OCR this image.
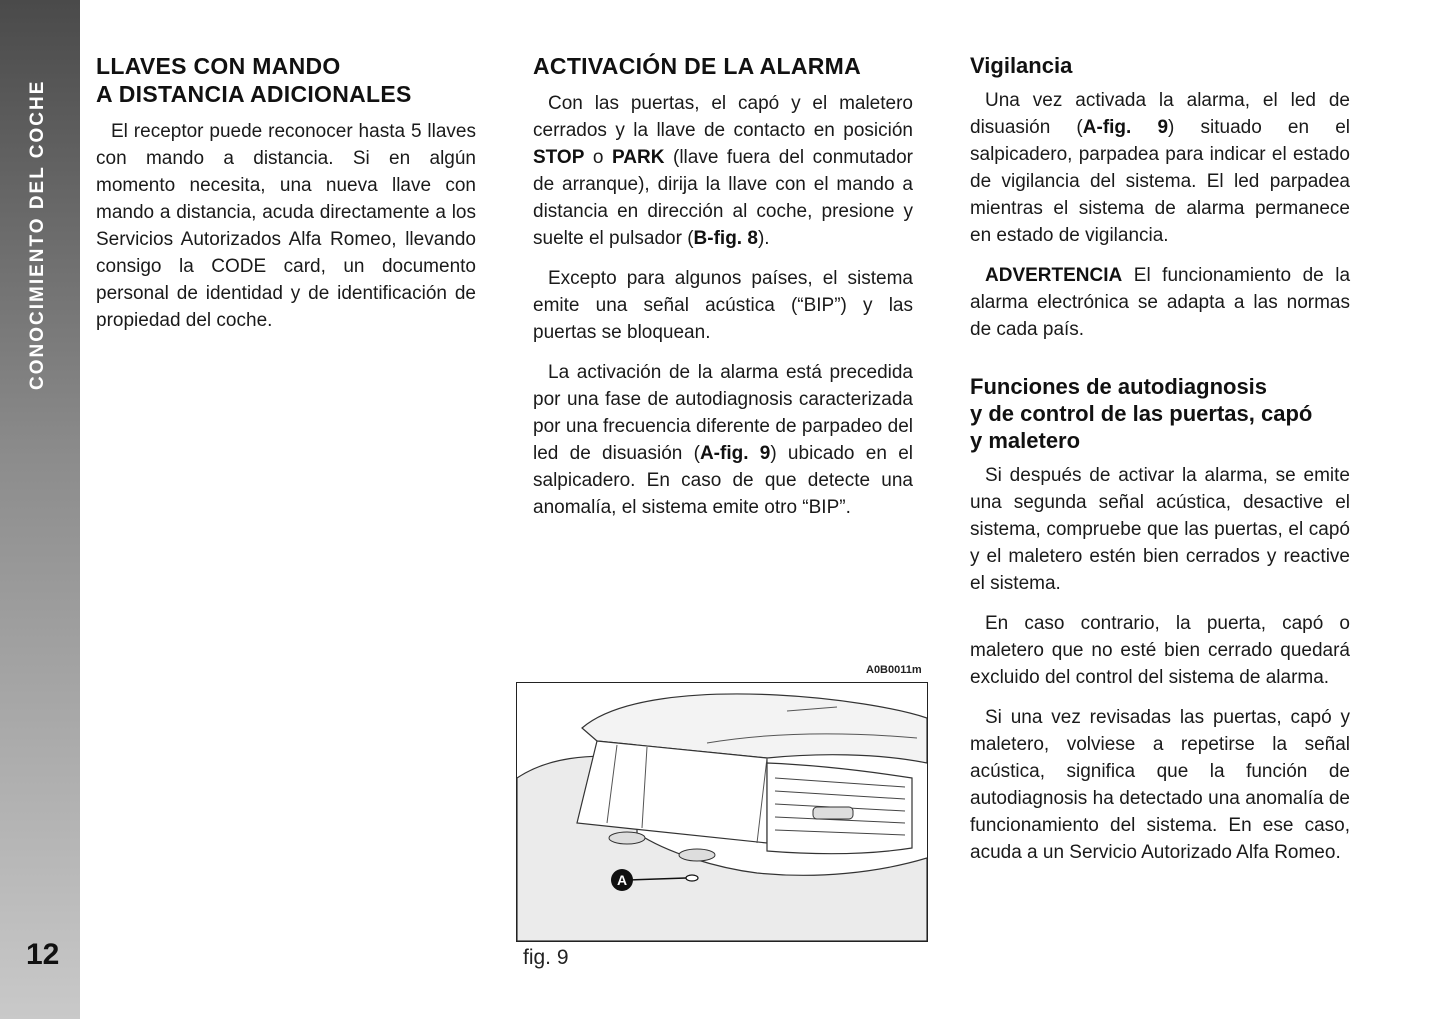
CONOCIMIENTO DEL COCHE
12
LLAVES CON MANDO
A DISTANCIA ADICIONALES

El receptor puede reconocer hasta 5 llaves con mando a distancia. Si en algún momento necesita, una nueva llave con mando a distancia, acuda directamente a los Servicios Autorizados Alfa Romeo, llevando consigo la CODE card, un documento personal de identidad y de identificación de propiedad del coche.

ACTIVACIÓN DE LA ALARMA

Con las puertas, el capó y el maletero cerrados y la llave de contacto en posición STOP o PARK (llave fuera del conmutador de arranque), dirija la llave con el mando a distancia en dirección al coche, presione y suelte el pulsador (B-fig. 8).

Excepto para algunos países, el sistema emite una señal acústica (“BIP”) y las puertas se bloquean.

La activación de la alarma está precedida por una fase de autodiagnosis caracterizada por una frecuencia diferente de parpadeo del led de disuasión (A-fig. 9) ubicado en el salpicadero. En caso de que detecte una anomalía, el sistema emite otro “BIP”.

Vigilancia

Una vez activada la alarma, el led de disuasión (A-fig. 9) situado en el salpicadero, parpadea para indicar el estado de vigilancia del sistema. El led parpadea mientras el sistema de alarma permanece en estado de vigilancia.

ADVERTENCIA El funcionamiento de la alarma electrónica se adapta a las normas de cada país.

Funciones de autodiagnosis
y de control de las puertas, capó
y maletero

Si después de activar la alarma, se emite una segunda señal acústica, desactive el sistema, compruebe que las puertas, el capó y el maletero estén bien cerrados y reactive el sistema.

En caso contrario, la puerta, capó o maletero que no esté bien cerrado quedará excluido del control del sistema de alarma.

Si una vez revisadas las puertas, capó y maletero, volviese a repetirse la señal acústica, significa que la función de autodiagnosis ha detectado una anomalía de funcionamiento del sistema. En ese caso, acuda a un Servicio Autorizado Alfa Romeo.

A0B0011m
A
fig. 9
